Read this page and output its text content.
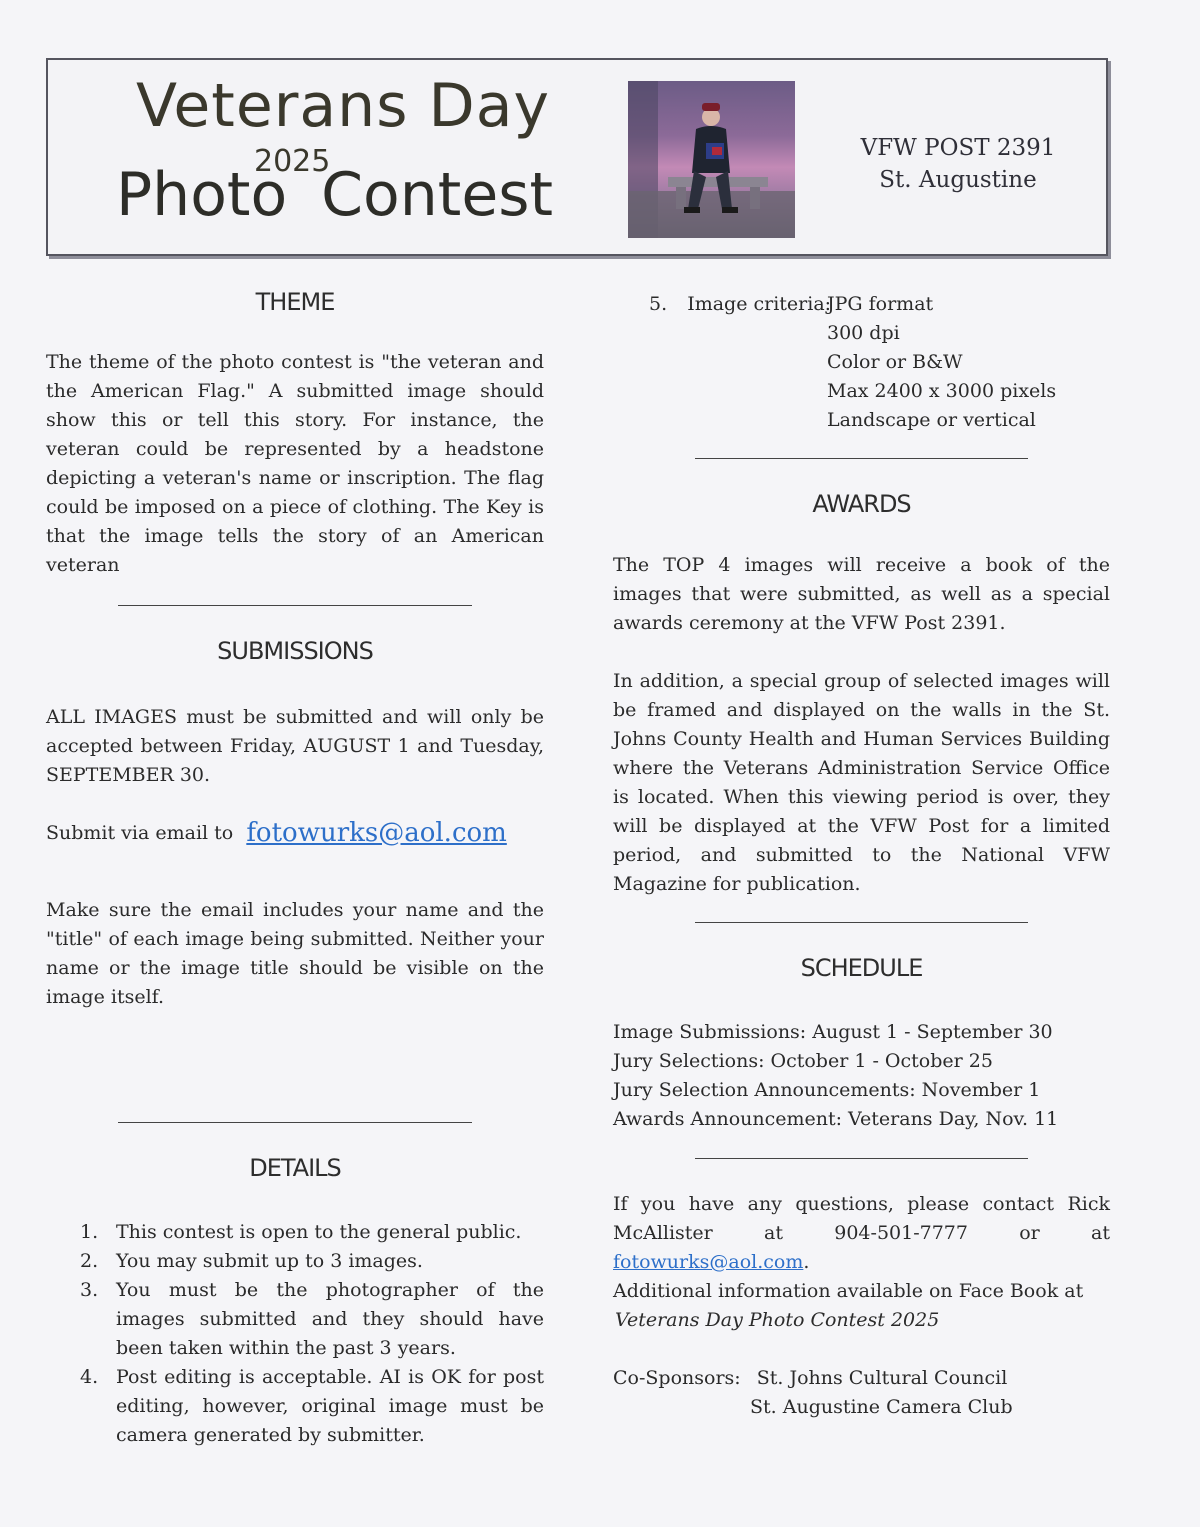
Veterans Day
2025
Photo Contest
VFW POST 2391
St. Augustine
THEME

The theme of the photo contest is "the veteran and the American Flag." A submitted image should show this or tell this story. For instance, the veteran could be represented by a headstone depicting a veteran's name or inscription. The flag could be imposed on a piece of clothing. The Key is that the image tells the story of an American veteran

SUBMISSIONS

ALL IMAGES must be submitted and will only be accepted between Friday, AUGUST 1 and Tuesday, SEPTEMBER 30.

Submit via email to fotowurks@aol.com

Make sure the email includes your name and the "title" of each image being submitted. Neither your name or the image title should be visible on the image itself.

DETAILS
1. This contest is open to the general public.
2. You may submit up to 3 images.
3. You must be the photographer of the images submitted and they should have been taken within the past 3 years.
4. Post editing is acceptable. AI is OK for post editing, however, original image must be camera generated by submitter.
5. Image criteria:
JPG format
300 dpi
Color or B&W
Max 2400 x 3000 pixels
Landscape or vertical
AWARDS

The TOP 4 images will receive a book of the images that were submitted, as well as a special awards ceremony at the VFW Post 2391.

In addition, a special group of selected images will be framed and displayed on the walls in the St. Johns County Health and Human Services Building where the Veterans Administration Service Office is located. When this viewing period is over, they will be displayed at the VFW Post for a limited period, and submitted to the National VFW Magazine for publication.

SCHEDULE
Image Submissions: August 1 - September 30
Jury Selections: October 1 - October 25
Jury Selection Announcements: November 1
Awards Announcement: Veterans Day, Nov. 11
If you have any questions, please contact Rick McAllister at 904-501-7777 or at fotowurks@aol.com.
Additional information available on Face Book at
Veterans Day Photo Contest 2025
Co-Sponsors: St. Johns Cultural Council
St. Augustine Camera Club
